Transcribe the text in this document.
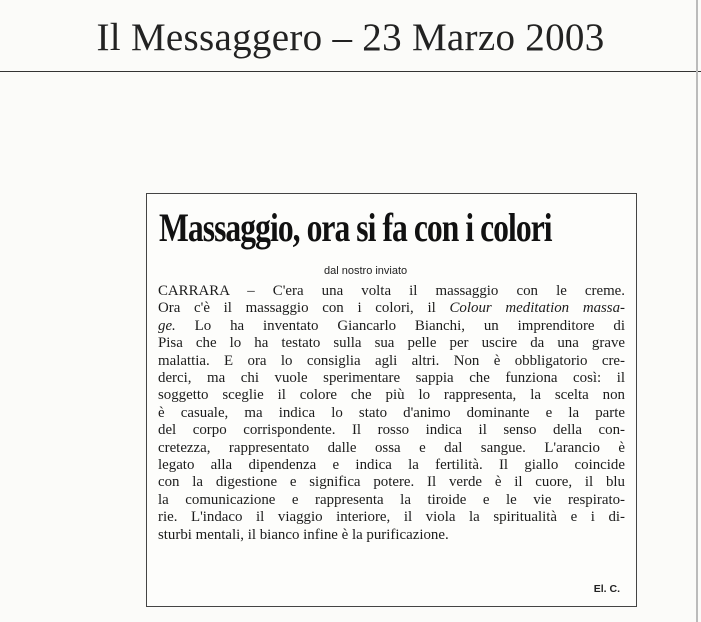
Il Messaggero – 23 Marzo 2003
Massaggio, ora si fa con i colori
dal nostro inviato
CARRARA – C'era una volta il massaggio con le creme.
Ora c'è il massaggio con i colori, il Colour meditation massa-
ge. Lo ha inventato Giancarlo Bianchi, un imprenditore di
Pisa che lo ha testato sulla sua pelle per uscire da una grave
malattia. E ora lo consiglia agli altri. Non è obbligatorio cre-
derci, ma chi vuole sperimentare sappia che funziona così: il
soggetto sceglie il colore che più lo rappresenta, la scelta non
è casuale, ma indica lo stato d'animo dominante e la parte
del corpo corrispondente. Il rosso indica il senso della con-
cretezza, rappresentato dalle ossa e dal sangue. L'arancio è
legato alla dipendenza e indica la fertilità. Il giallo coincide
con la digestione e significa potere. Il verde è il cuore, il blu
la comunicazione e rappresenta la tiroide e le vie respirato-
rie. L'indaco il viaggio interiore, il viola la spiritualità e i di-
sturbi mentali, il bianco infine è la purificazione.
El. C.
